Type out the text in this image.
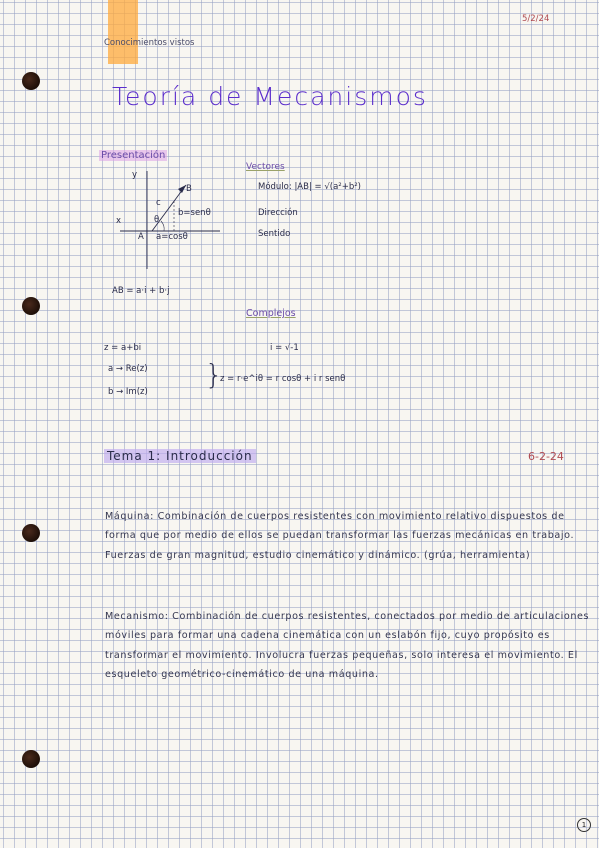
5/2/24

Conocimientos vistos

Teoría de Mecanismos

Presentación

y

x

A

B

c

θ

b=senθ

a=cosθ

AB = a·i + b·j

Vectores

Módulo: |AB| = √(a²+b²)

Dirección

Sentido

Complejos

z = a+bi	i = √-1

a → Re(z)

b → Im(z)

}

z = r·e^iθ = r cosθ + i r senθ

Tema 1: Introducción	6-2-24

Máquina: Combinación de cuerpos resistentes con movimiento relativo dispuestos de forma que por medio de ellos se puedan transformar las fuerzas mecánicas en trabajo. Fuerzas de gran magnitud, estudio cinemático y dinámico. (grúa, herramienta)

Mecanismo: Combinación de cuerpos resistentes, conectados por medio de articulaciones móviles para formar una cadena cinemática con un eslabón fijo, cuyo propósito es transformar el movimiento. Involucra fuerzas pequeñas, solo interesa el movimiento. El esqueleto geométrico-cinemático de una máquina.

1
